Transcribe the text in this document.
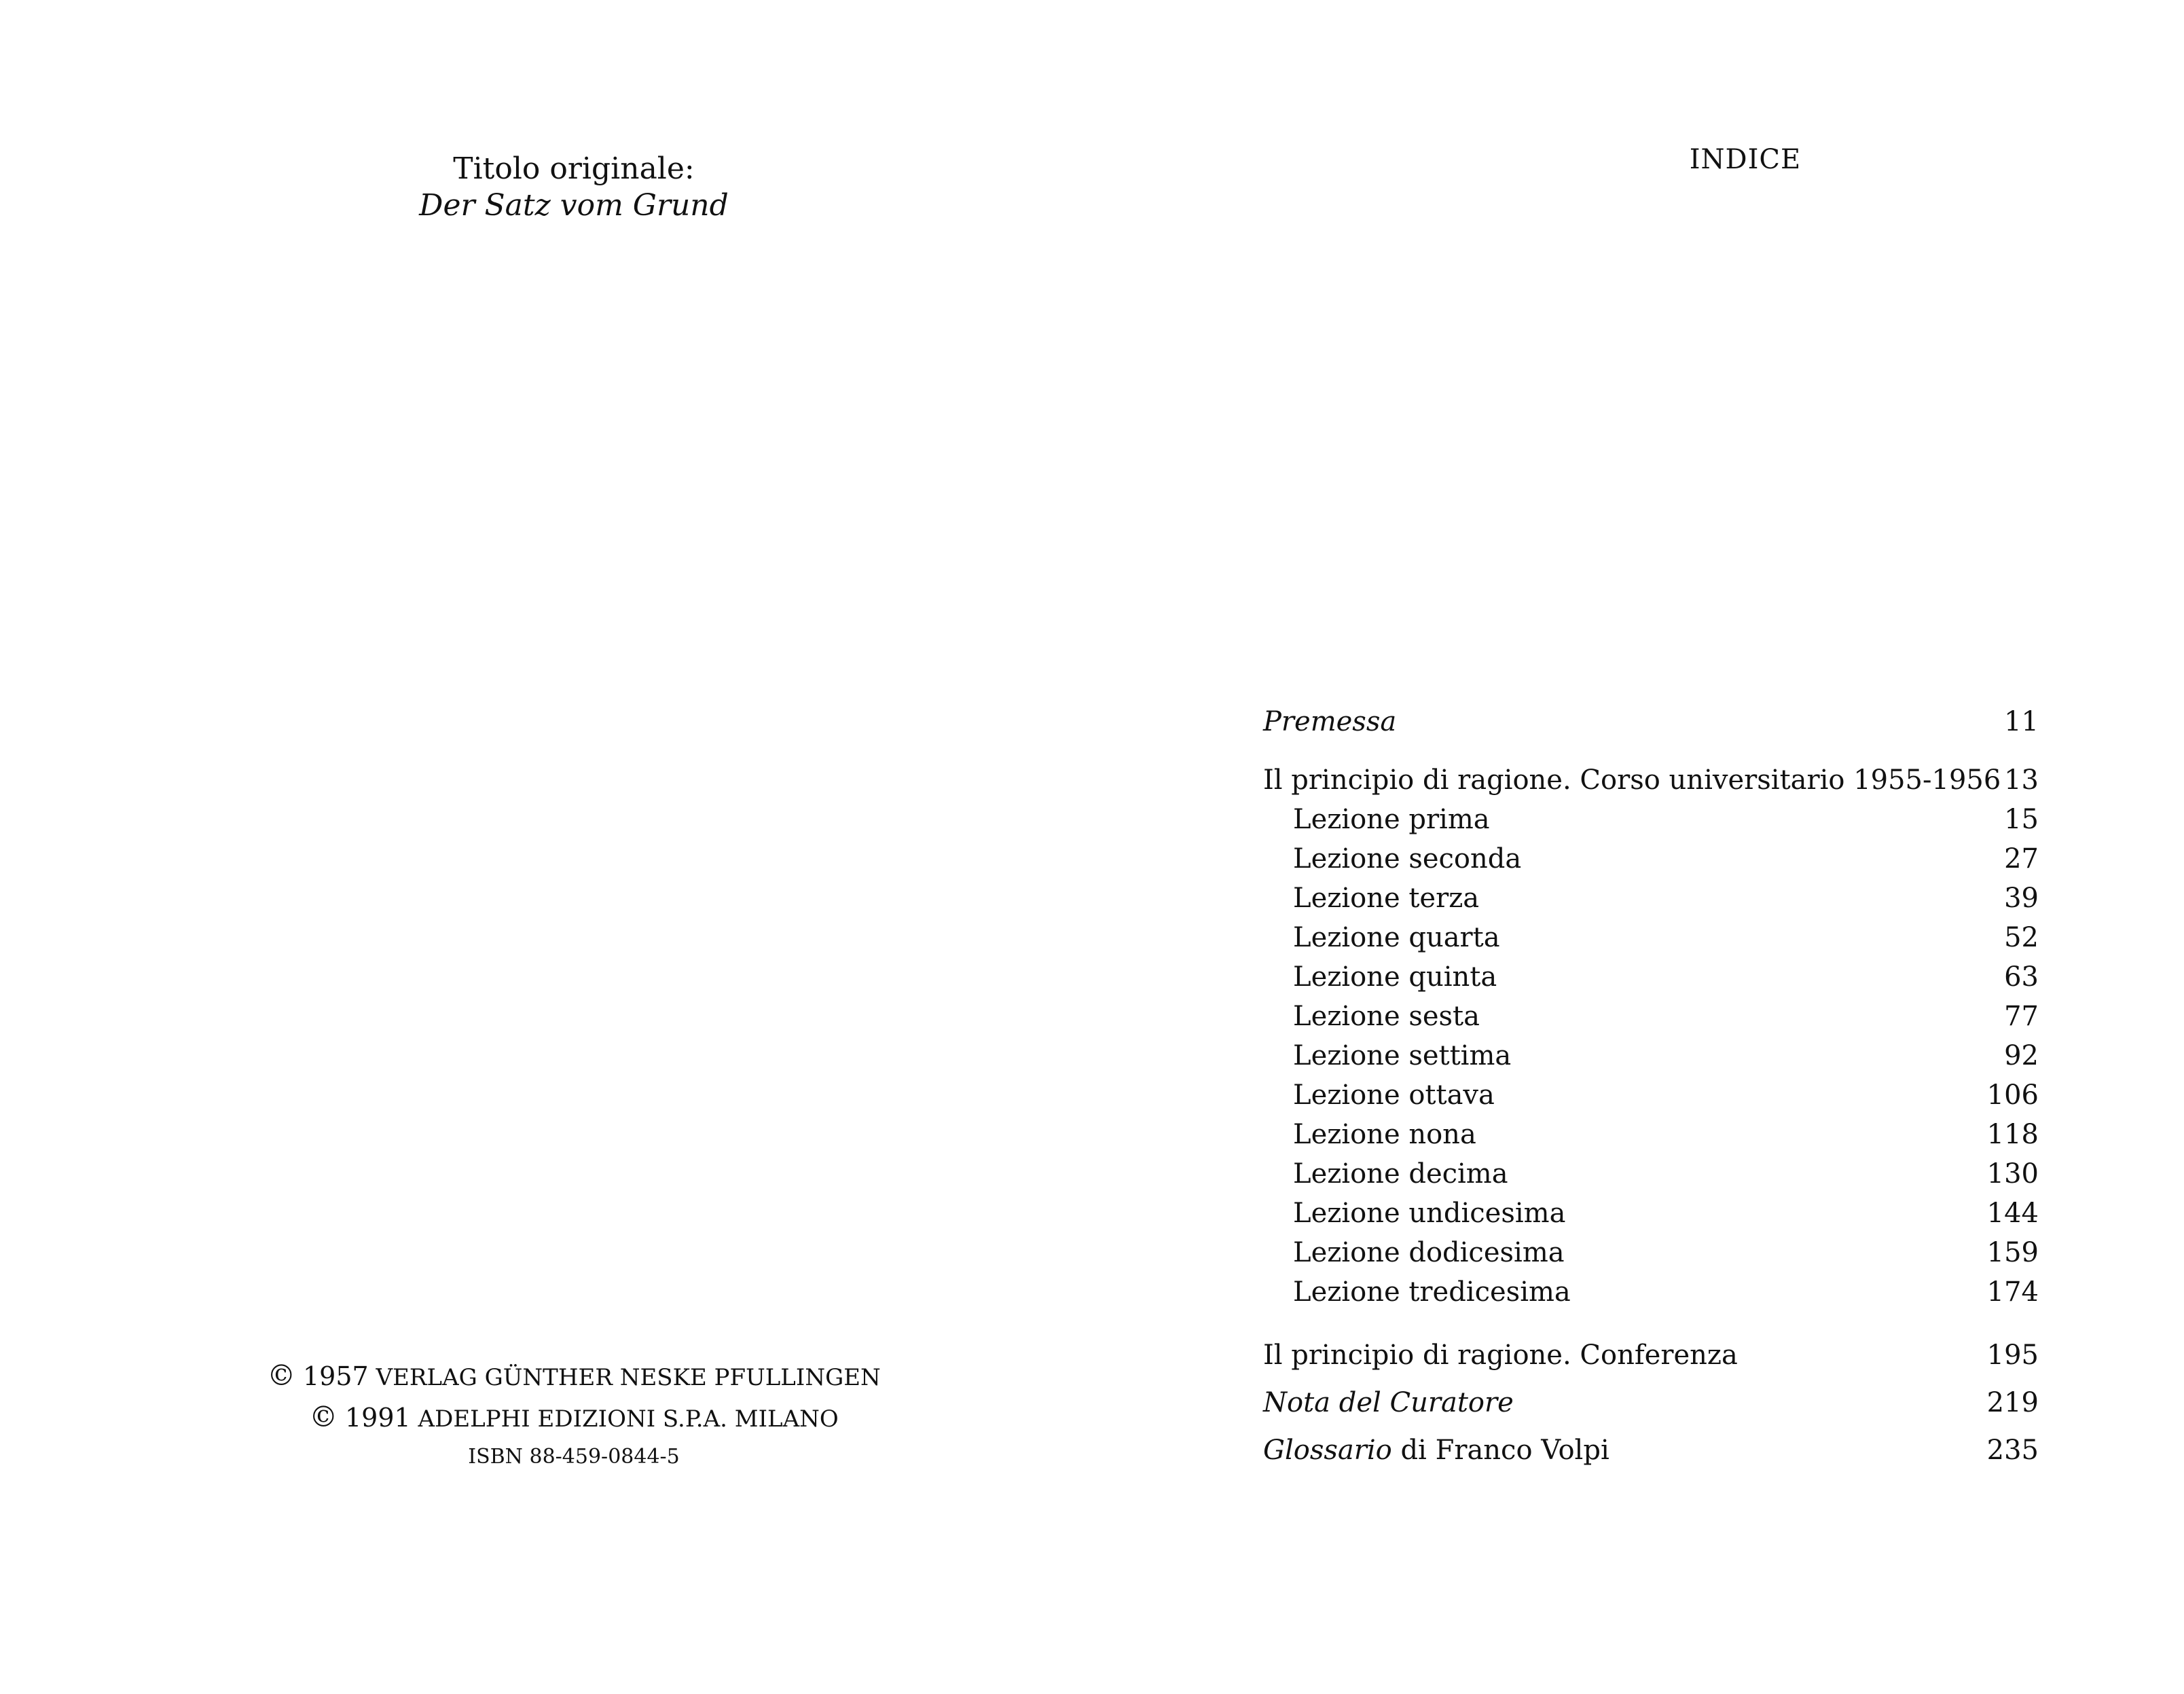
Titolo originale:
Der Satz vom Grund
© 1957 VERLAG GÜNTHER NESKE PFULLINGEN
© 1991 ADELPHI EDIZIONI S.P.A. MILANO
ISBN 88-459-0844-5
INDICE
Premessa	11
Il principio di ragione. Corso universitario 1955-1956 13
Lezione prima	15
Lezione seconda	27
Lezione terza	39
Lezione quarta	52
Lezione quinta	63
Lezione sesta	77
Lezione settima	92
Lezione ottava	106
Lezione nona	118
Lezione decima	130
Lezione undicesima	144
Lezione dodicesima	159
Lezione tredicesima	174
Il principio di ragione. Conferenza	195
Nota del Curatore	219
Glossario di Franco Volpi	235
